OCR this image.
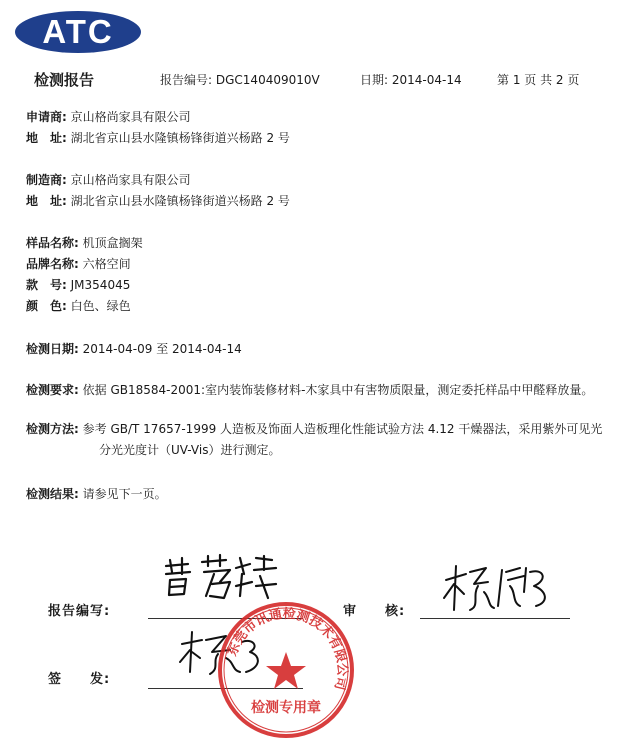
ATC
检测报告	报告编号: DGC140409010V	日期: 2014-04-14	第 1 页 共 2 页
申请商: 京山格尚家具有限公司
地　址: 湖北省京山县水隆镇杨锋街道兴杨路 2 号
制造商: 京山格尚家具有限公司
地　址: 湖北省京山县水隆镇杨锋街道兴杨路 2 号
样品名称: 机顶盒搁架
品牌名称: 六格空间
款　号: JM354045
颜　色: 白色、绿色
检测日期: 2014-04-09 至 2014-04-14
检测要求: 依据 GB18584-2001:室内装饰装修材料-木家具中有害物质限量，测定委托样品中甲醛释放量。
检测方法: 参考 GB/T 17657-1999 人造板及饰面人造板理化性能试验方法 4.12 干燥器法，采用紫外可见光
分光光度计（UV-Vis）进行测定。
检测结果: 请参见下一页。
报告编写:	审　　核:
签　　发:
东莞市讯通检测技术有限公司
检测专用章
